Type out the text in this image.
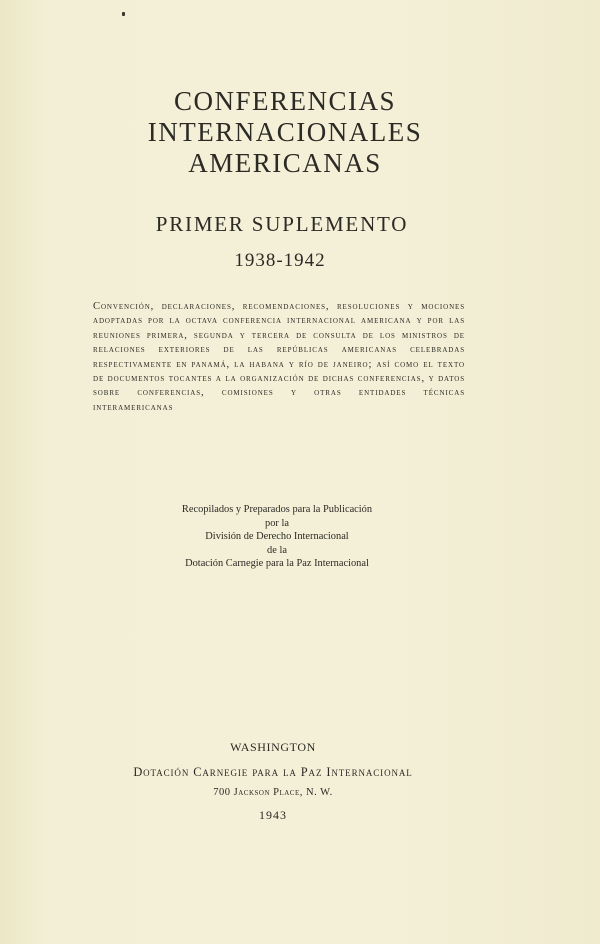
CONFERENCIAS

INTERNACIONALES

AMERICANAS

PRIMER SUPLEMENTO
1938-1942
Convención, declaraciones, recomendaciones, resoluciones y mociones adoptadas por la octava conferencia internacional americana y por las reuniones primera, segunda y tercera de consulta de los ministros de relaciones exteriores de las repúblicas americanas celebradas respectivamente en panamá, la habana y río de janeiro; así como el texto de documentos tocantes a la organización de dichas conferencias, y datos sobre conferencias, comisiones y otras entidades técnicas interamericanas
Recopilados y Preparados para la Publicación
por la
División de Derecho Internacional
de la
Dotación Carnegie para la Paz Internacional
WASHINGTON
Dotación Carnegie para la Paz Internacional
700 Jackson Place, N. W.
1943
